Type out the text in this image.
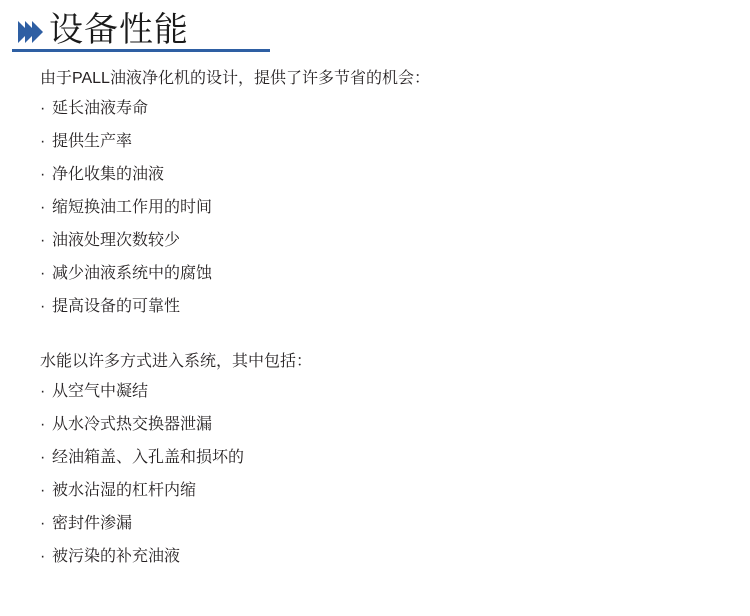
设备性能

由于PALL油液净化机的设计，提供了许多节省的机会：

· 延长油液寿命
· 提供生产率
· 净化收集的油液
· 缩短换油工作用的时间
· 油液处理次数较少
· 减少油液系统中的腐蚀
· 提高设备的可靠性

水能以许多方式进入系统，其中包括：

· 从空气中凝结
· 从水冷式热交换器泄漏
· 经油箱盖、入孔盖和损坏的
· 被水沾湿的杠杆内缩
· 密封件渗漏
· 被污染的补充油液
